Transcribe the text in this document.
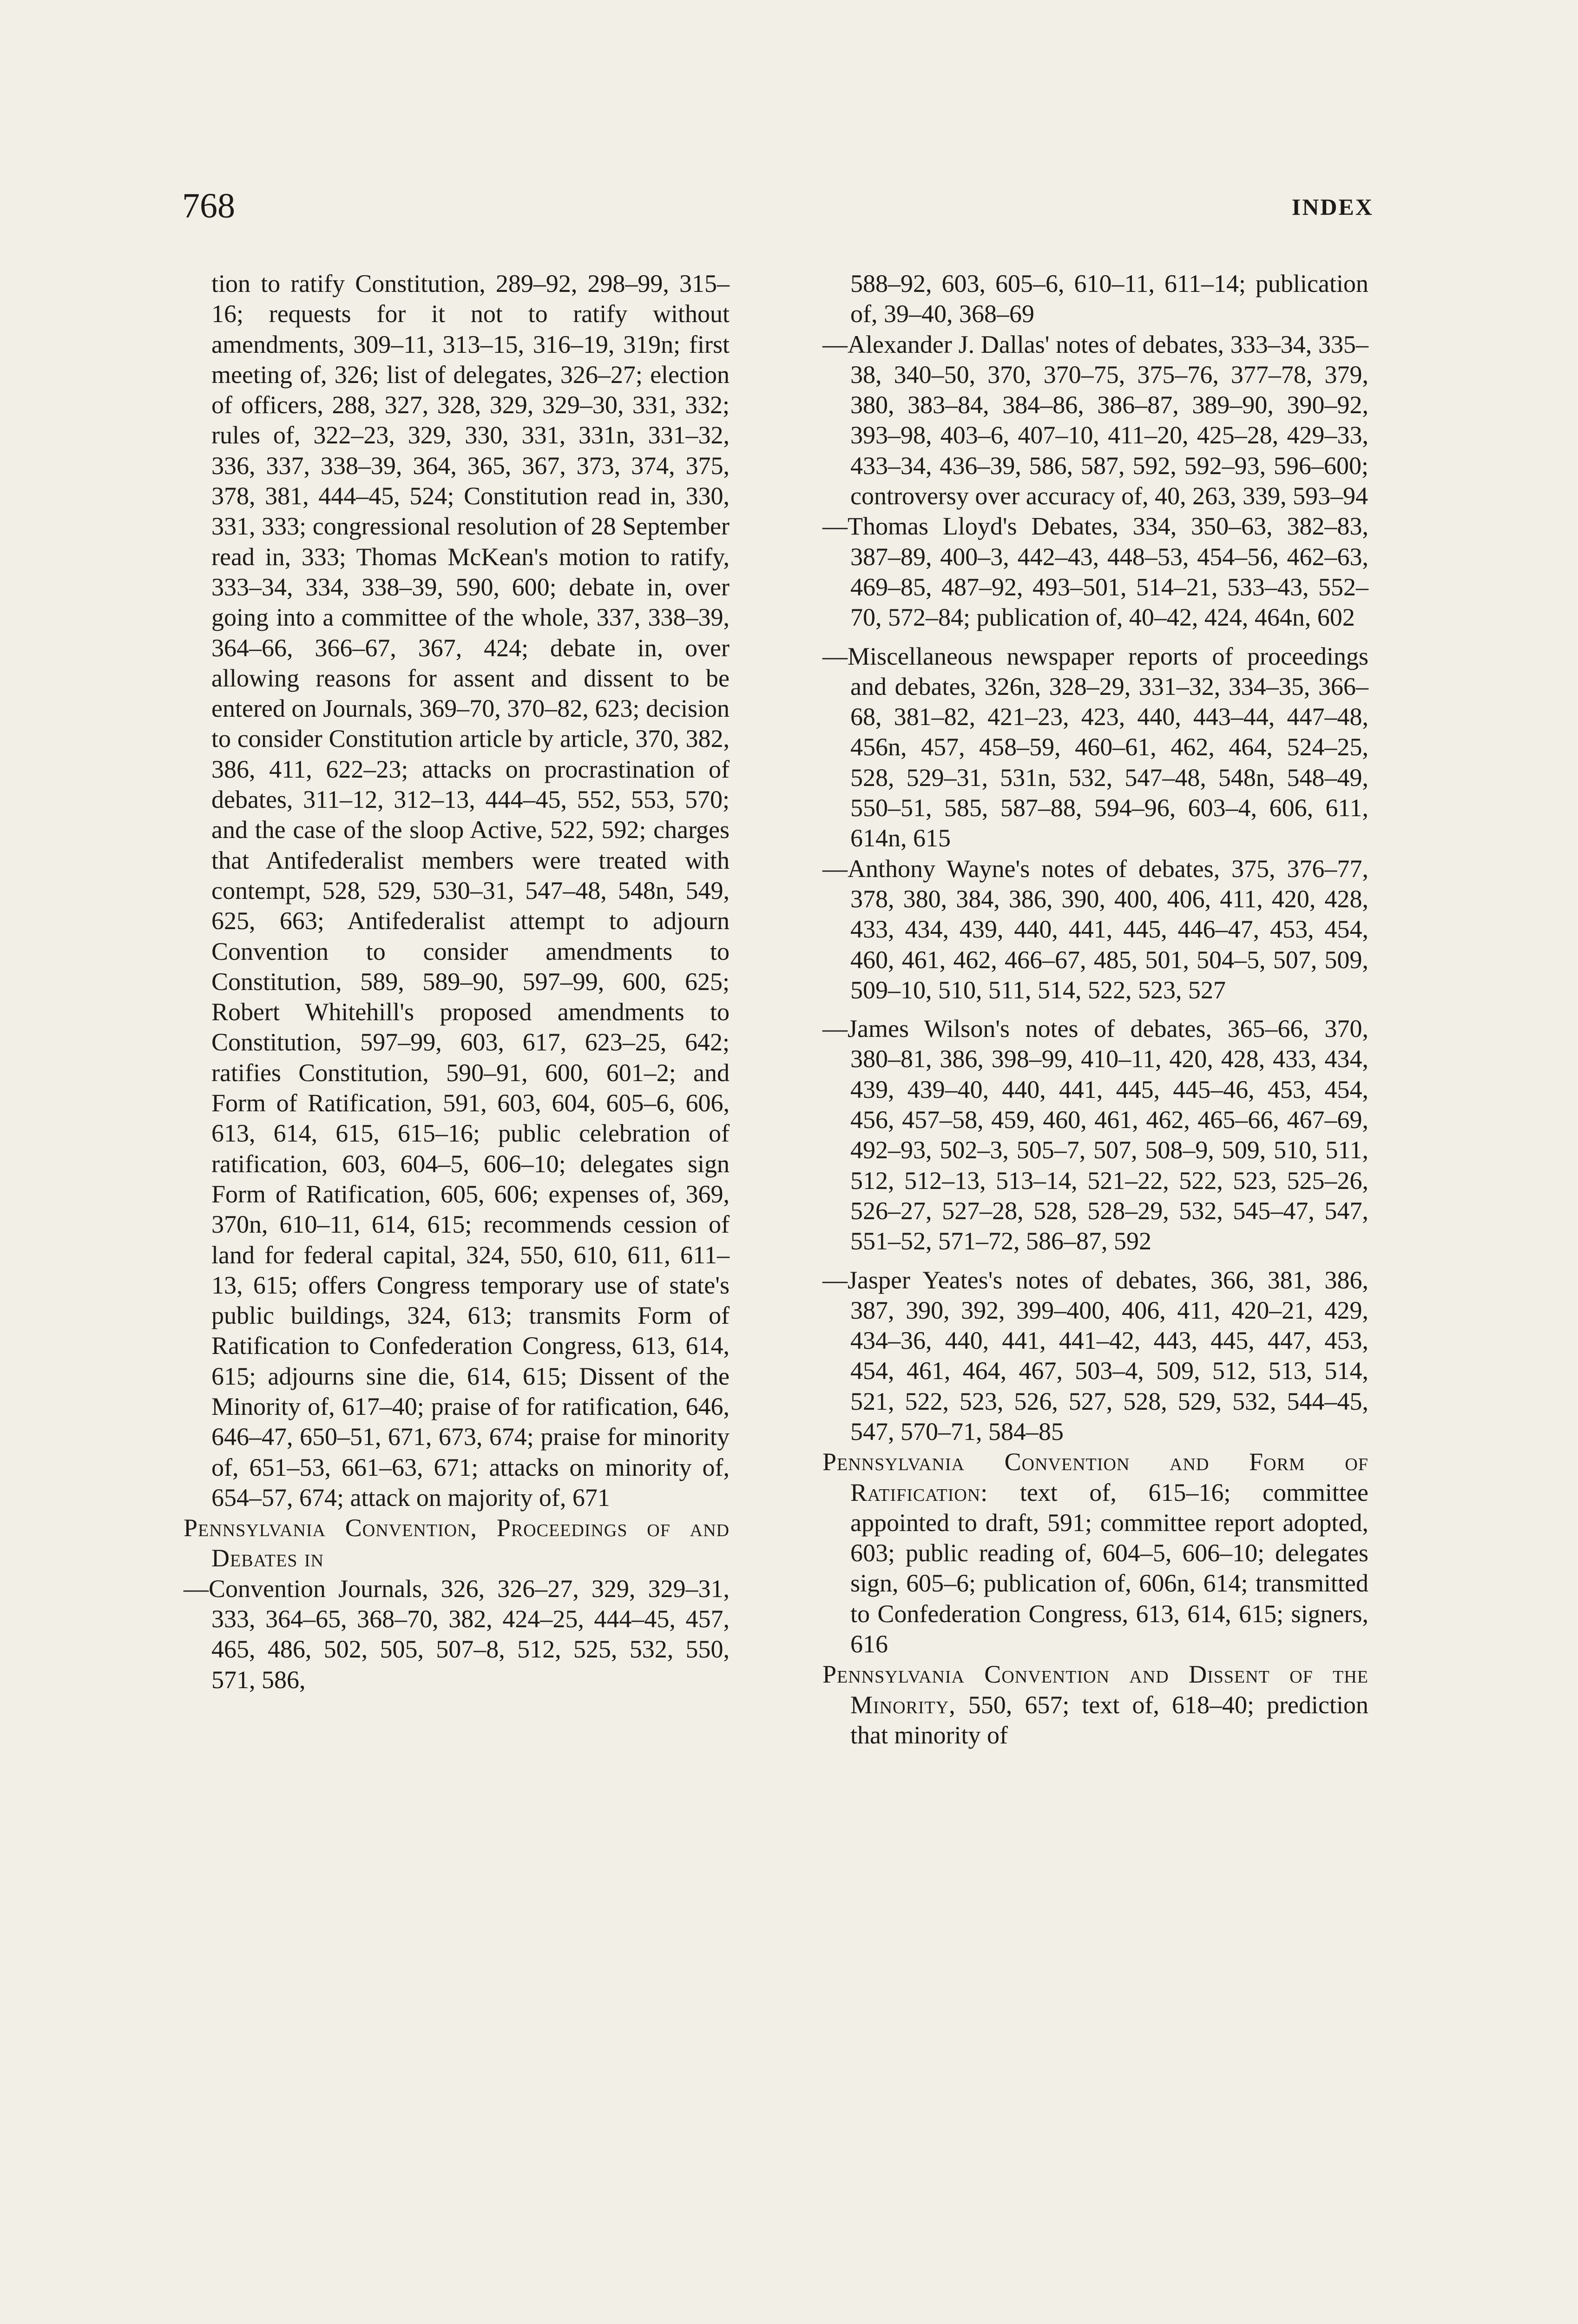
768	INDEX

tion to ratify Constitution, 289–92, 298–99, 315–16; requests for it not to ratify without amendments, 309–11, 313–15, 316–19, 319n; first meeting of, 326; list of delegates, 326–27; election of officers, 288, 327, 328, 329, 329–30, 331, 332; rules of, 322–23, 329, 330, 331, 331n, 331–32, 336, 337, 338–39, 364, 365, 367, 373, 374, 375, 378, 381, 444–45, 524; Constitution read in, 330, 331, 333; congressional resolution of 28 September read in, 333; Thomas McKean's motion to ratify, 333–34, 334, 338–39, 590, 600; debate in, over going into a committee of the whole, 337, 338–39, 364–66, 366–67, 367, 424; debate in, over allowing reasons for assent and dissent to be entered on Journals, 369–70, 370–82, 623; decision to consider Constitution article by article, 370, 382, 386, 411, 622–23; attacks on procrastination of debates, 311–12, 312–13, 444–45, 552, 553, 570; and the case of the sloop Active, 522, 592; charges that Antifederalist members were treated with contempt, 528, 529, 530–31, 547–48, 548n, 549, 625, 663; Antifederalist attempt to adjourn Convention to consider amendments to Constitution, 589, 589–90, 597–99, 600, 625; Robert Whitehill's proposed amendments to Constitution, 597–99, 603, 617, 623–25, 642; ratifies Constitution, 590–91, 600, 601–2; and Form of Ratification, 591, 603, 604, 605–6, 606, 613, 614, 615, 615–16; public celebration of ratification, 603, 604–5, 606–10; delegates sign Form of Ratification, 605, 606; expenses of, 369, 370n, 610–11, 614, 615; recommends cession of land for federal capital, 324, 550, 610, 611, 611–13, 615; offers Congress temporary use of state's public buildings, 324, 613; transmits Form of Ratification to Confederation Congress, 613, 614, 615; adjourns sine die, 614, 615; Dissent of the Minority of, 617–40; praise of for ratification, 646, 646–47, 650–51, 671, 673, 674; praise for minority of, 651–53, 661–63, 671; attacks on minority of, 654–57, 674; attack on majority of, 671

Pennsylvania Convention, Proceedings of and Debates in

—Convention Journals, 326, 326–27, 329, 329–31, 333, 364–65, 368–70, 382, 424–25, 444–45, 457, 465, 486, 502, 505, 507–8, 512, 525, 532, 550, 571, 586,

588–92, 603, 605–6, 610–11, 611–14; publication of, 39–40, 368–69

—Alexander J. Dallas' notes of debates, 333–34, 335–38, 340–50, 370, 370–75, 375–76, 377–78, 379, 380, 383–84, 384–86, 386–87, 389–90, 390–92, 393–98, 403–6, 407–10, 411–20, 425–28, 429–33, 433–34, 436–39, 586, 587, 592, 592–93, 596–600; controversy over accuracy of, 40, 263, 339, 593–94

—Thomas Lloyd's Debates, 334, 350–63, 382–83, 387–89, 400–3, 442–43, 448–53, 454–56, 462–63, 469–85, 487–92, 493–501, 514–21, 533–43, 552–70, 572–84; publication of, 40–42, 424, 464n, 602

—Miscellaneous newspaper reports of proceedings and debates, 326n, 328–29, 331–32, 334–35, 366–68, 381–82, 421–23, 423, 440, 443–44, 447–48, 456n, 457, 458–59, 460–61, 462, 464, 524–25, 528, 529–31, 531n, 532, 547–48, 548n, 548–49, 550–51, 585, 587–88, 594–96, 603–4, 606, 611, 614n, 615

—Anthony Wayne's notes of debates, 375, 376–77, 378, 380, 384, 386, 390, 400, 406, 411, 420, 428, 433, 434, 439, 440, 441, 445, 446–47, 453, 454, 460, 461, 462, 466–67, 485, 501, 504–5, 507, 509, 509–10, 510, 511, 514, 522, 523, 527

—James Wilson's notes of debates, 365–66, 370, 380–81, 386, 398–99, 410–11, 420, 428, 433, 434, 439, 439–40, 440, 441, 445, 445–46, 453, 454, 456, 457–58, 459, 460, 461, 462, 465–66, 467–69, 492–93, 502–3, 505–7, 507, 508–9, 509, 510, 511, 512, 512–13, 513–14, 521–22, 522, 523, 525–26, 526–27, 527–28, 528, 528–29, 532, 545–47, 547, 551–52, 571–72, 586–87, 592

—Jasper Yeates's notes of debates, 366, 381, 386, 387, 390, 392, 399–400, 406, 411, 420–21, 429, 434–36, 440, 441, 441–42, 443, 445, 447, 453, 454, 461, 464, 467, 503–4, 509, 512, 513, 514, 521, 522, 523, 526, 527, 528, 529, 532, 544–45, 547, 570–71, 584–85

Pennsylvania Convention and Form of Ratification: text of, 615–16; committee appointed to draft, 591; committee report adopted, 603; public reading of, 604–5, 606–10; delegates sign, 605–6; publication of, 606n, 614; transmitted to Confederation Congress, 613, 614, 615; signers, 616

Pennsylvania Convention and Dissent of the Minority, 550, 657; text of, 618–40; prediction that minority of
